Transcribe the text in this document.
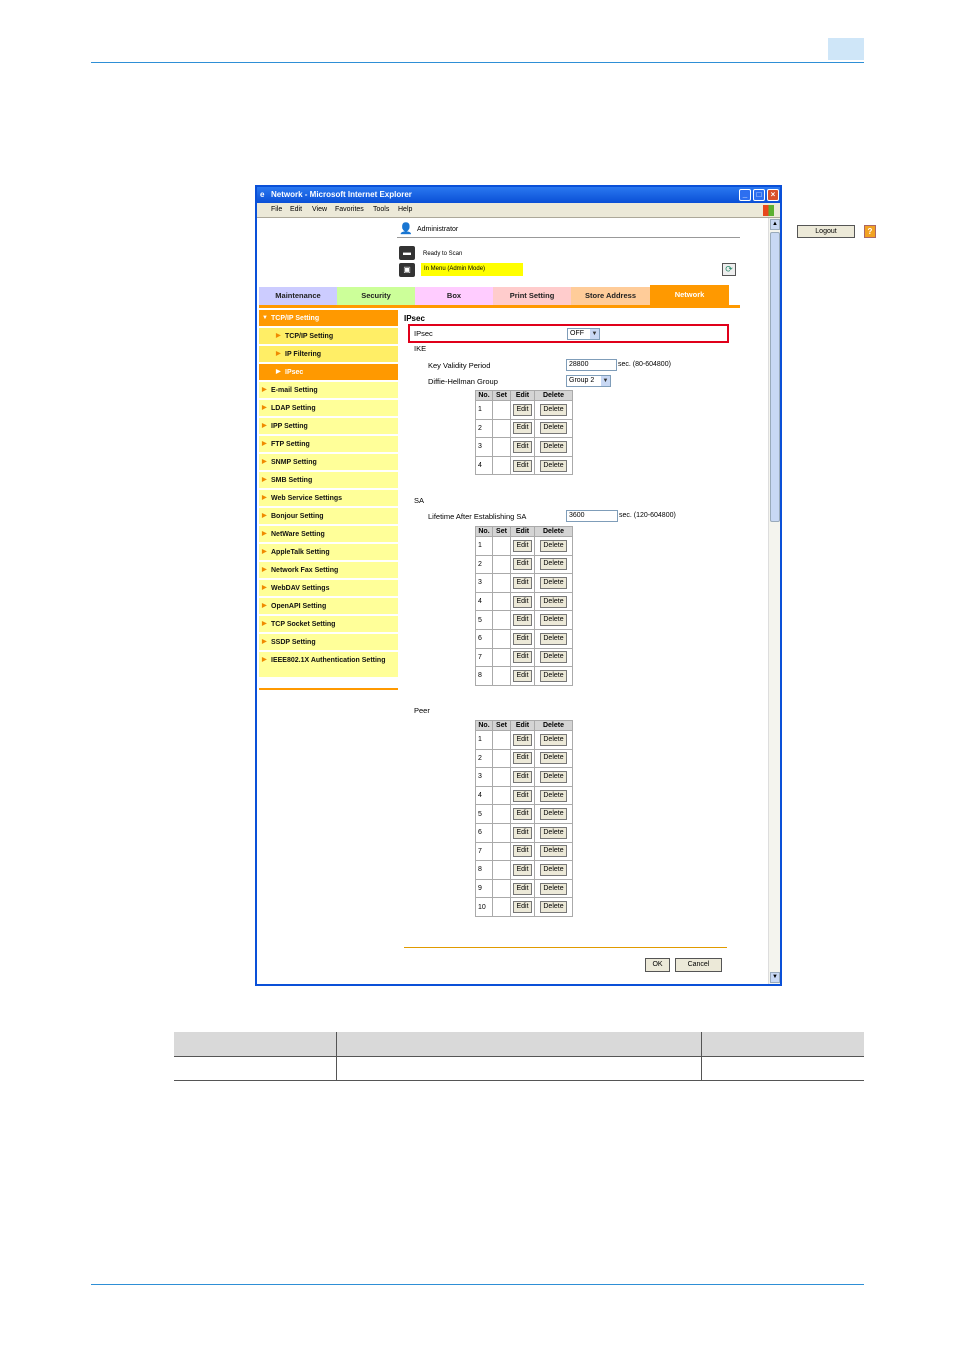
e Network - Microsoft Internet Explorer	_	□	×
File Edit View Favorites Tools Help
👤 Administrator	Logout	?
▬	Ready to Scan
▣	In Menu (Admin Mode)	⟳
Maintenance	Security	Box	Print Setting	Store Address	Network
▼ TCP/IP Setting
▶ TCP/IP Setting
▶ IP Filtering
▶ IPsec
▶ E-mail Setting
▶ LDAP Setting
▶ IPP Setting
▶ FTP Setting
▶ SNMP Setting
▶ SMB Setting
▶ Web Service Settings
▶ Bonjour Setting
▶ NetWare Setting
▶ AppleTalk Setting
▶ Network Fax Setting
▶ WebDAV Settings
▶ OpenAPI Setting
▶ TCP Socket Setting
▶ SSDP Setting
▶ IEEE802.1X Authentication Setting
IPsec
IPsec	OFF ▼
IKE
Key Validity Period	28800	sec. (80-604800)
Diffie-Hellman Group	Group 2 ▼
No.	Set	Edit	Delete
1		Edit	Delete
2		Edit	Delete
3		Edit	Delete
4		Edit	Delete
SA
Lifetime After Establishing SA	3600	sec. (120-604800)
No.	Set	Edit	Delete
1		Edit	Delete
2		Edit	Delete
3		Edit	Delete
4		Edit	Delete
5		Edit	Delete
6		Edit	Delete
7		Edit	Delete
8		Edit	Delete
Peer
No.	Set	Edit	Delete
1		Edit	Delete
2		Edit	Delete
3		Edit	Delete
4		Edit	Delete
5		Edit	Delete
6		Edit	Delete
7		Edit	Delete
8		Edit	Delete
9		Edit	Delete
10		Edit	Delete
OK	Cancel
▲
▼
